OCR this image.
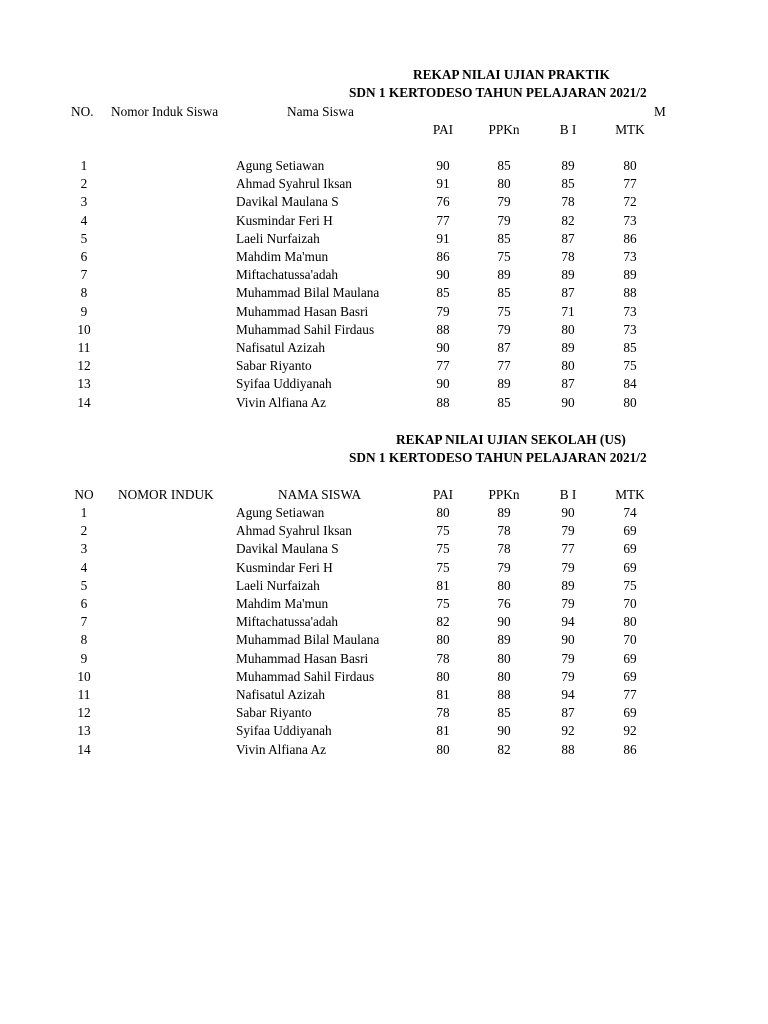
REKAP NILAI UJIAN PRAKTIK
SDN 1 KERTODESO TAHUN PELAJARAN 2021/2
NO. Nomor Induk Siswa	Nama Siswa	M
PAI	PPKn	B I	MTK
1	Agung Setiawan	90	85	89	80
2	Ahmad Syahrul Iksan	91	80	85	77
3	Davikal Maulana S	76	79	78	72
4	Kusmindar Feri H	77	79	82	73
5	Laeli Nurfaizah	91	85	87	86
6	Mahdim Ma'mun	86	75	78	73
7	Miftachatussa'adah	90	89	89	89
8	Muhammad Bilal Maulana	85	85	87	88
9	Muhammad Hasan Basri	79	75	71	73
10	Muhammad Sahil Firdaus	88	79	80	73
11	Nafisatul Azizah	90	87	89	85
12	Sabar Riyanto	77	77	80	75
13	Syifaa Uddiyanah	90	89	87	84
14	Vivin Alfiana Az	88	85	90	80
REKAP NILAI UJIAN SEKOLAH (US)
SDN 1 KERTODESO TAHUN PELAJARAN 2021/2
NO	NOMOR INDUK	NAMA SISWA	PAI	PPKn	B I	MTK
1	Agung Setiawan	80	89	90	74
2	Ahmad Syahrul Iksan	75	78	79	69
3	Davikal Maulana S	75	78	77	69
4	Kusmindar Feri H	75	79	79	69
5	Laeli Nurfaizah	81	80	89	75
6	Mahdim Ma'mun	75	76	79	70
7	Miftachatussa'adah	82	90	94	80
8	Muhammad Bilal Maulana	80	89	90	70
9	Muhammad Hasan Basri	78	80	79	69
10	Muhammad Sahil Firdaus	80	80	79	69
11	Nafisatul Azizah	81	88	94	77
12	Sabar Riyanto	78	85	87	69
13	Syifaa Uddiyanah	81	90	92	92
14	Vivin Alfiana Az	80	82	88	86
